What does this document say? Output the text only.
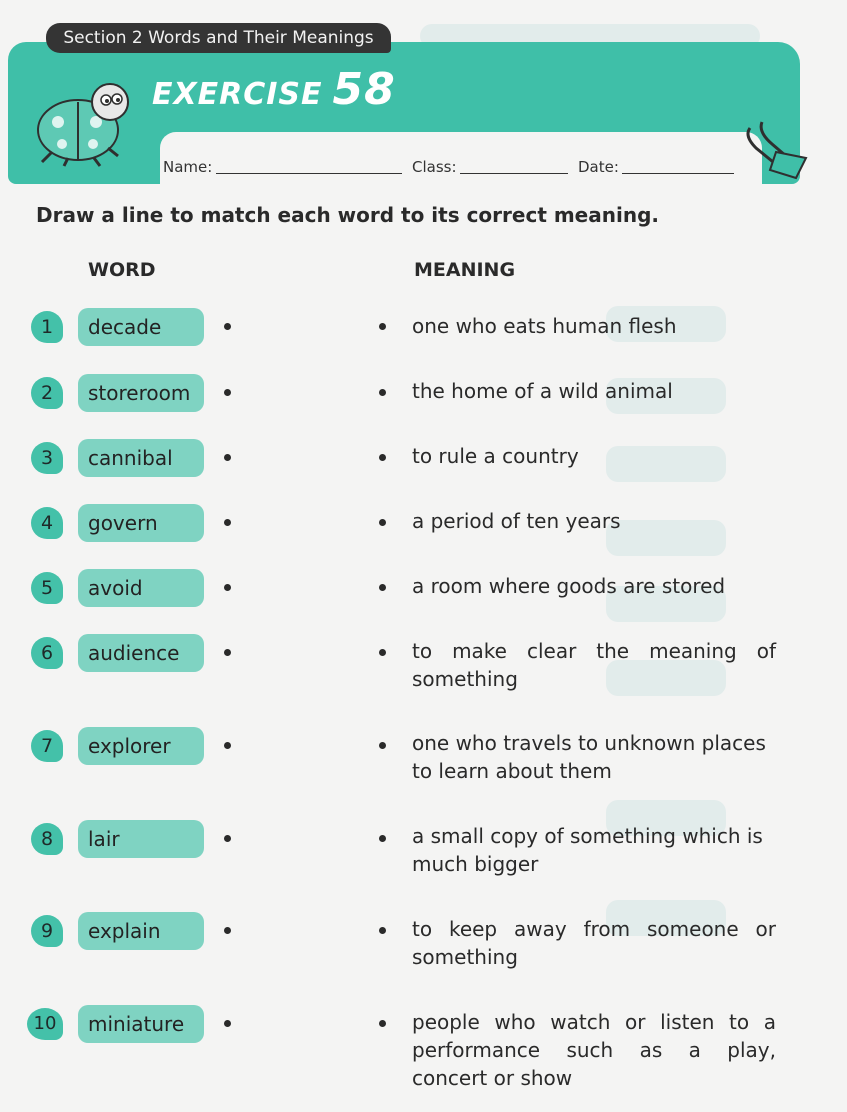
Section 2 Words and Their Meanings
EXERCISE 58
Name:	Class:	Date:
Draw a line to match each word to its correct meaning.
WORD	MEANING
1	decade	one who eats human flesh
2	storeroom	the home of a wild animal
3	cannibal	to rule a country
4	govern	a period of ten years
5	avoid	a room where goods are stored
6	audience	to make clear the meaning of something
7	explorer	one who travels to unknown places to learn about them
8	lair	a small copy of something which is much bigger
9	explain	to keep away from someone or something
10	miniature	people who watch or listen to a performance such as a play, concert or show
